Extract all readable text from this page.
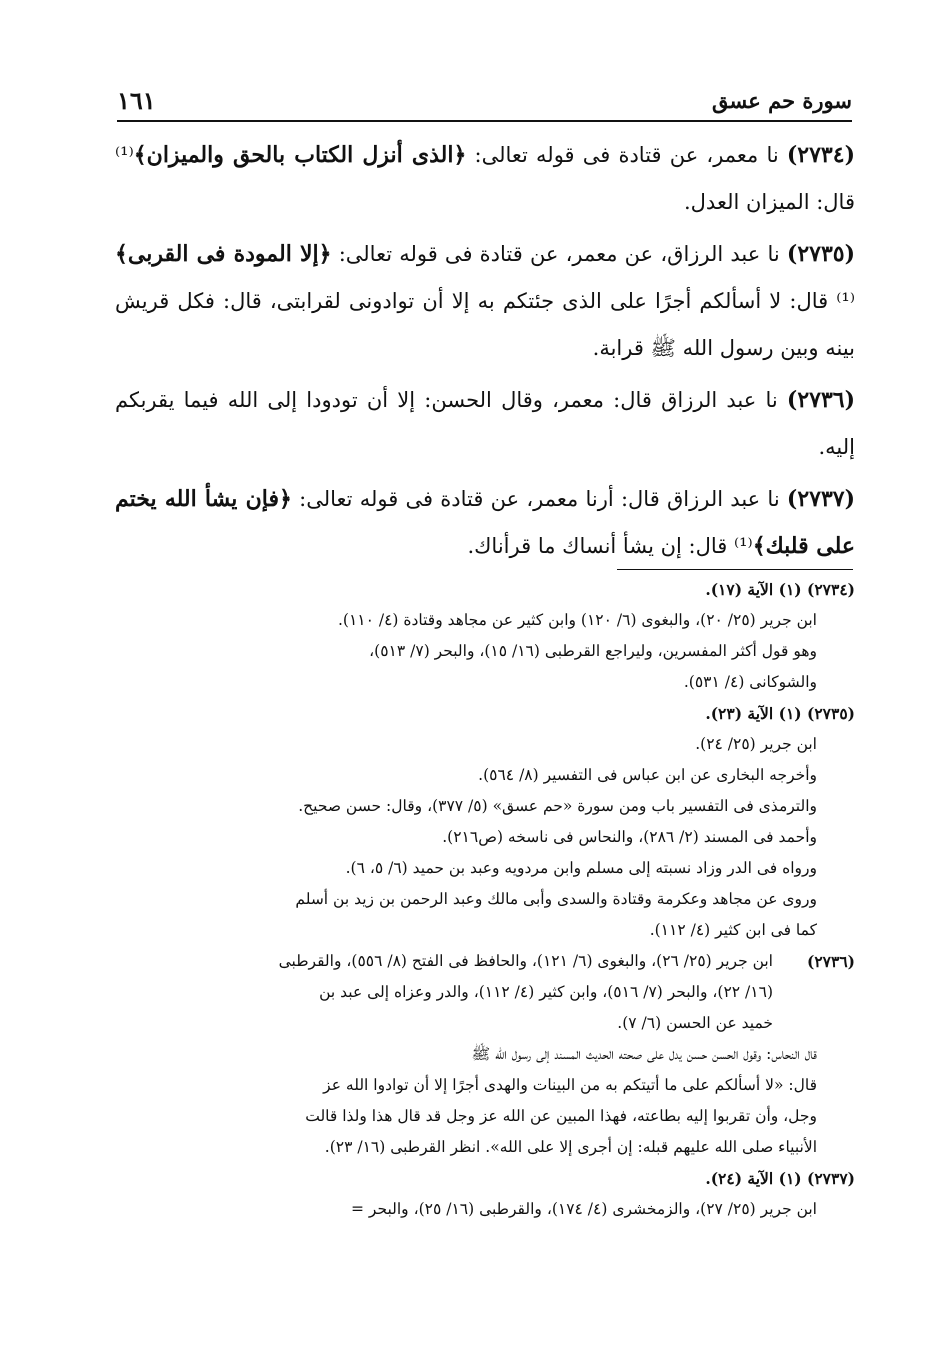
سورة حم عسق
١٦١
(٢٧٣٤) نا معمر، عن قتادة فى قوله تعالى: ﴿الذى أنزل الكتاب بالحق والميزان﴾⁽¹⁾ قال: الميزان العدل.
(٢٧٣٥) نا عبد الرزاق، عن معمر، عن قتادة فى قوله تعالى: ﴿إلا المودة فى القربى﴾⁽¹⁾ قال: لا أسألكم أجرًا على الذى جئتكم به إلا أن توادونى لقرابتى، قال: فكل قريش بينه وبين رسول الله ﷺ قرابة.
(٢٧٣٦) نا عبد الرزاق قال: معمر، وقال الحسن: إلا أن تودودا إلى الله فيما يقربكم إليه.
(٢٧٣٧) نا عبد الرزاق قال: أرنا معمر، عن قتادة فى قوله تعالى: ﴿فإن يشأ الله يختم على قلبك﴾⁽¹⁾ قال: إن يشأ أنساك ما قرأناك.
(٢٧٣٤) (١) الآية (١٧).
ابن جرير (٢٥/ ٢٠)، والبغوى (٦/ ١٢٠) وابن كثير عن مجاهد وقتادة (٤/ ١١٠).
وهو قول أكثر المفسرين، وليراجع القرطبى (١٦/ ١٥)، والبحر (٧/ ٥١٣)،
والشوكانى (٤/ ٥٣١).
(٢٧٣٥) (١) الآية (٢٣).
ابن جرير (٢٥/ ٢٤).
وأخرجه البخارى عن ابن عباس فى التفسير (٨/ ٥٦٤).
والترمذى فى التفسير باب ومن سورة «حم عسق» (٥/ ٣٧٧)، وقال: حسن صحيح.
وأحمد فى المسند (٢/ ٢٨٦)، والنحاس فى ناسخه (ص٢١٦).
ورواه فى الدر وزاد نسبته إلى مسلم وابن مردويه وعبد بن حميد (٦/ ٥، ٦).
وروى عن مجاهد وعكرمة وقتادة والسدى وأبى مالك وعبد الرحمن بن زيد بن أسلم
كما فى ابن كثير (٤/ ١١٢).
(٢٧٣٦)
ابن جرير (٢٥/ ٢٦)، والبغوى (٦/ ١٢١)، والحافظ فى الفتح (٨/ ٥٥٦)، والقرطبى
(١٦/ ٢٢)، والبحر (٧/ ٥١٦)، وابن كثير (٤/ ١١٢)، والدر وعزاه إلى عبد بن
خميد عن الحسن (٦/ ٧).
قال النحاس: وقول الحسن حسن يدل على صحته الحديث المسند إلى رسول الله ﷺ
قال: «لا أسألكم على ما أتيتكم به من البينات والهدى أجرًا إلا أن توادوا الله عز
وجل، وأن تقربوا إليه بطاعته، فهذا المبين عن الله عز وجل قد قال هذا ولذا قالت
الأنبياء صلى الله عليهم قبله: إن أجرى إلا على الله». انظر القرطبى (١٦/ ٢٣).
(٢٧٣٧) (١) الآية (٢٤).
ابن جرير (٢٥/ ٢٧)، والزمخشرى (٤/ ١٧٤)، والقرطبى (١٦/ ٢٥)، والبحر =
